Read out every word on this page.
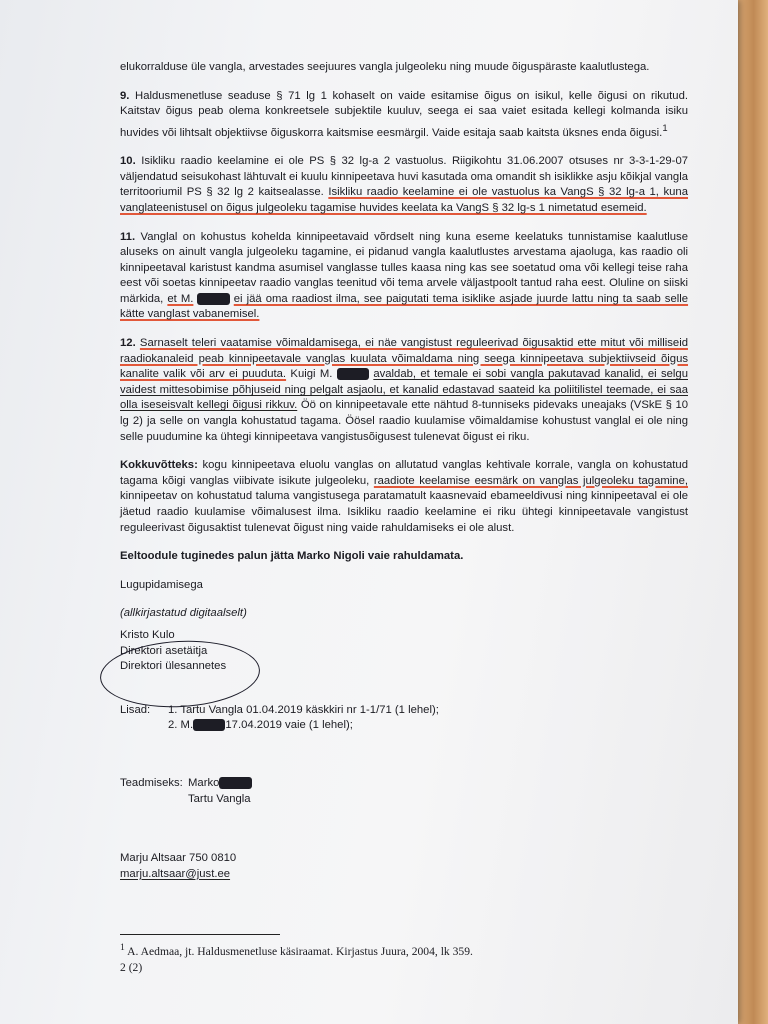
elukorralduse üle vangla, arvestades seejuures vangla julgeoleku ning muude õiguspäraste kaalutlustega.

9. Haldusmenetluse seaduse § 71 lg 1 kohaselt on vaide esitamise õigus on isikul, kelle õigusi on rikutud. Kaitstav õigus peab olema konkreetsele subjektile kuuluv, seega ei saa vaiet esitada kellegi kolmanda isiku huvides või lihtsalt objektiivse õiguskorra kaitsmise eesmärgil. Vaide esitaja saab kaitsta üksnes enda õigusi.$^1$

10. Isikliku raadio keelamine ei ole PS § 32 lg-a 2 vastuolus. Riigikohtu 31.06.2007 otsuses nr 3-3-1-29-07 väljendatud seisukohast lähtuvalt ei kuulu kinnipeetava huvi kasutada oma omandit sh isiklikke asju kõikjal vangla territooriumil PS § 32 lg 2 kaitsealasse. Isikliku raadio keelamine ei ole vastuolus ka VangS § 32 lg-a 1, kuna vanglateenistusel on õigus julgeoleku tagamise huvides keelata ka VangS § 32 lg-s 1 nimetatud esemeid.

11. Vanglal on kohustus kohelda kinnipeetavaid võrdselt ning kuna eseme keelatuks tunnistamise kaalutluse aluseks on ainult vangla julgeoleku tagamine, ei pidanud vangla kaalutlustes arvestama ajaoluga, kas raadio oli kinnipeetaval karistust kandma asumisel vanglasse tulles kaasa ning kas see soetatud oma või kellegi teise raha eest või soetas kinnipeetav raadio vanglas teenitud või tema arvele väljastpoolt tantud raha eest. Oluline on siiski märkida, et M.	ei jää oma raadiost ilma, see paigutati tema isiklike asjade juurde lattu ning ta saab selle kätte vanglast vabanemisel.

12. Sarnaselt teleri vaatamise võimaldamisega, ei näe vangistust reguleerivad õigusaktid ette mitut või milliseid raadiokanaleid peab kinnipeetavale vanglas kuulata võimaldama ning seega kinnipeetava subjektiivseid õigus kanalite valik või arv ei puuduta. Kuigi M.	avaldab, et temale ei sobi vangla pakutavad kanalid, ei selgu vaidest mittesobimise põhjuseid ning pelgalt asjaolu, et kanalid edastavad saateid ka poliitilistel teemade, ei saa olla iseseisvalt kellegi õigusi rikkuv. Öö on kinnipeetavale ette nähtud 8-tunniseks pidevaks uneajaks (VSkE § 10 lg 2) ja selle on vangla kohustatud tagama. Öösel raadio kuulamise võimaldamise kohustust vanglal ei ole ning selle puudumine ka ühtegi kinnipeetava vangistusõigusest tulenevat õigust ei riku.

Kokkuvõtteks: kogu kinnipeetava eluolu vanglas on allutatud vanglas kehtivale korrale, vangla on kohustatud tagama kõigi vanglas viibivate isikute julgeoleku, raadiote keelamise eesmärk on vanglas julgeoleku tagamine, kinnipeetav on kohustatud taluma vangistusega paratamatult kaasnevaid ebameeldivusi ning kinnipeetaval ei ole jäetud raadio kuulamise võimalusest ilma. Isikliku raadio keelamine ei riku ühtegi kinnipeetavale vangistust reguleerivast õigusaktist tulenevat õigust ning vaide rahuldamiseks ei ole alust.

Eeltoodule tuginedes palun jätta Marko Nigoli vaie rahuldamata.

Lugupidamisega

(allkirjastatud digitaalselt)

Kristo Kulo
Direktori asetäitja
Direktori ülesannetes
Lisad:	1. Tartu Vangla 01.04.2019 käskkiri nr 1-1/71 (1 lehel);
2. M.	17.04.2019 vaie (1 lehel);
Teadmiseks: Marko
Tartu Vangla
Marju Altsaar 750 0810
marju.altsaar@just.ee
$^1$ A. Aedmaa, jt. Haldusmenetluse käsiraamat. Kirjastus Juura, 2004, lk 359.
2 (2)
